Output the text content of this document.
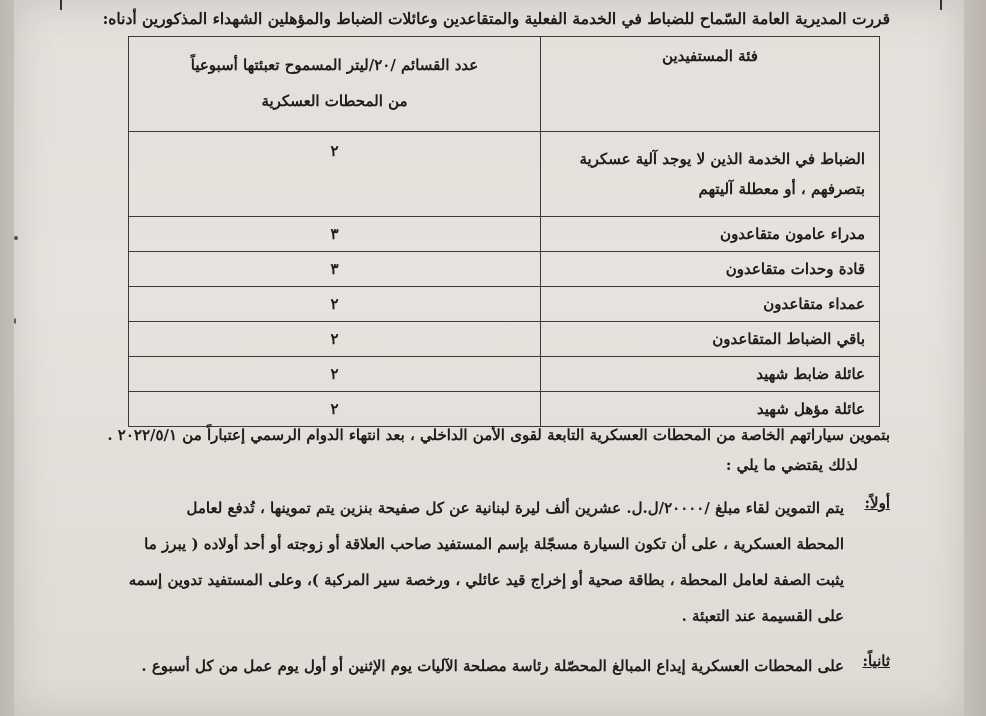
قررت المديرية العامة السّماح للضباط في الخدمة الفعلية والمتقاعدين وعائلات الضباط والمؤهلين الشهداء المذكورين أدناه:
فئة المستفيدين	عدد القسائم /٢٠/ليتر المسموح تعبئتها أسبوعياً
من المحطات العسكرية

الضباط في الخدمة الذين لا يوجد آلية عسكرية
بتصرفهم ، أو معطلة آليتهم	٢
مدراء عامون متقاعدون	٣
قادة وحدات متقاعدون	٣
عمداء متقاعدون	٢
باقي الضباط المتقاعدون	٢
عائلة ضابط شهيد	٢
عائلة مؤهل شهيد	٢
بتموين سياراتهم الخاصة من المحطات العسكرية التابعة لقوى الأمن الداخلي ، بعد انتهاء الدوام الرسمي إعتباراً من ٢٠٢٢/٥/١ .
لذلك يقتضي ما يلي :
أولاً:
يتم التموين لقاء مبلغ /٢٠٠٠٠/ل.ل. عشرين ألف ليرة لبنانية عن كل صفيحة بنزين يتم تموينها ، تُدفع لعامل
المحطة العسكرية ، على أن تكون السيارة مسجّلة بإسم المستفيد صاحب العلاقة أو زوجته أو أحد أولاده ( يبرز ما
يثبت الصفة لعامل المحطة ، بطاقة صحية أو إخراج قيد عائلي ، ورخصة سير المركبة )، وعلى المستفيد تدوين إسمه
على القسيمة عند التعبئة .
ثانياً:
على المحطات العسكرية إيداع المبالغ المحصّلة رئاسة مصلحة الآليات يوم الإثنين أو أول يوم عمل من كل أسبوع .
